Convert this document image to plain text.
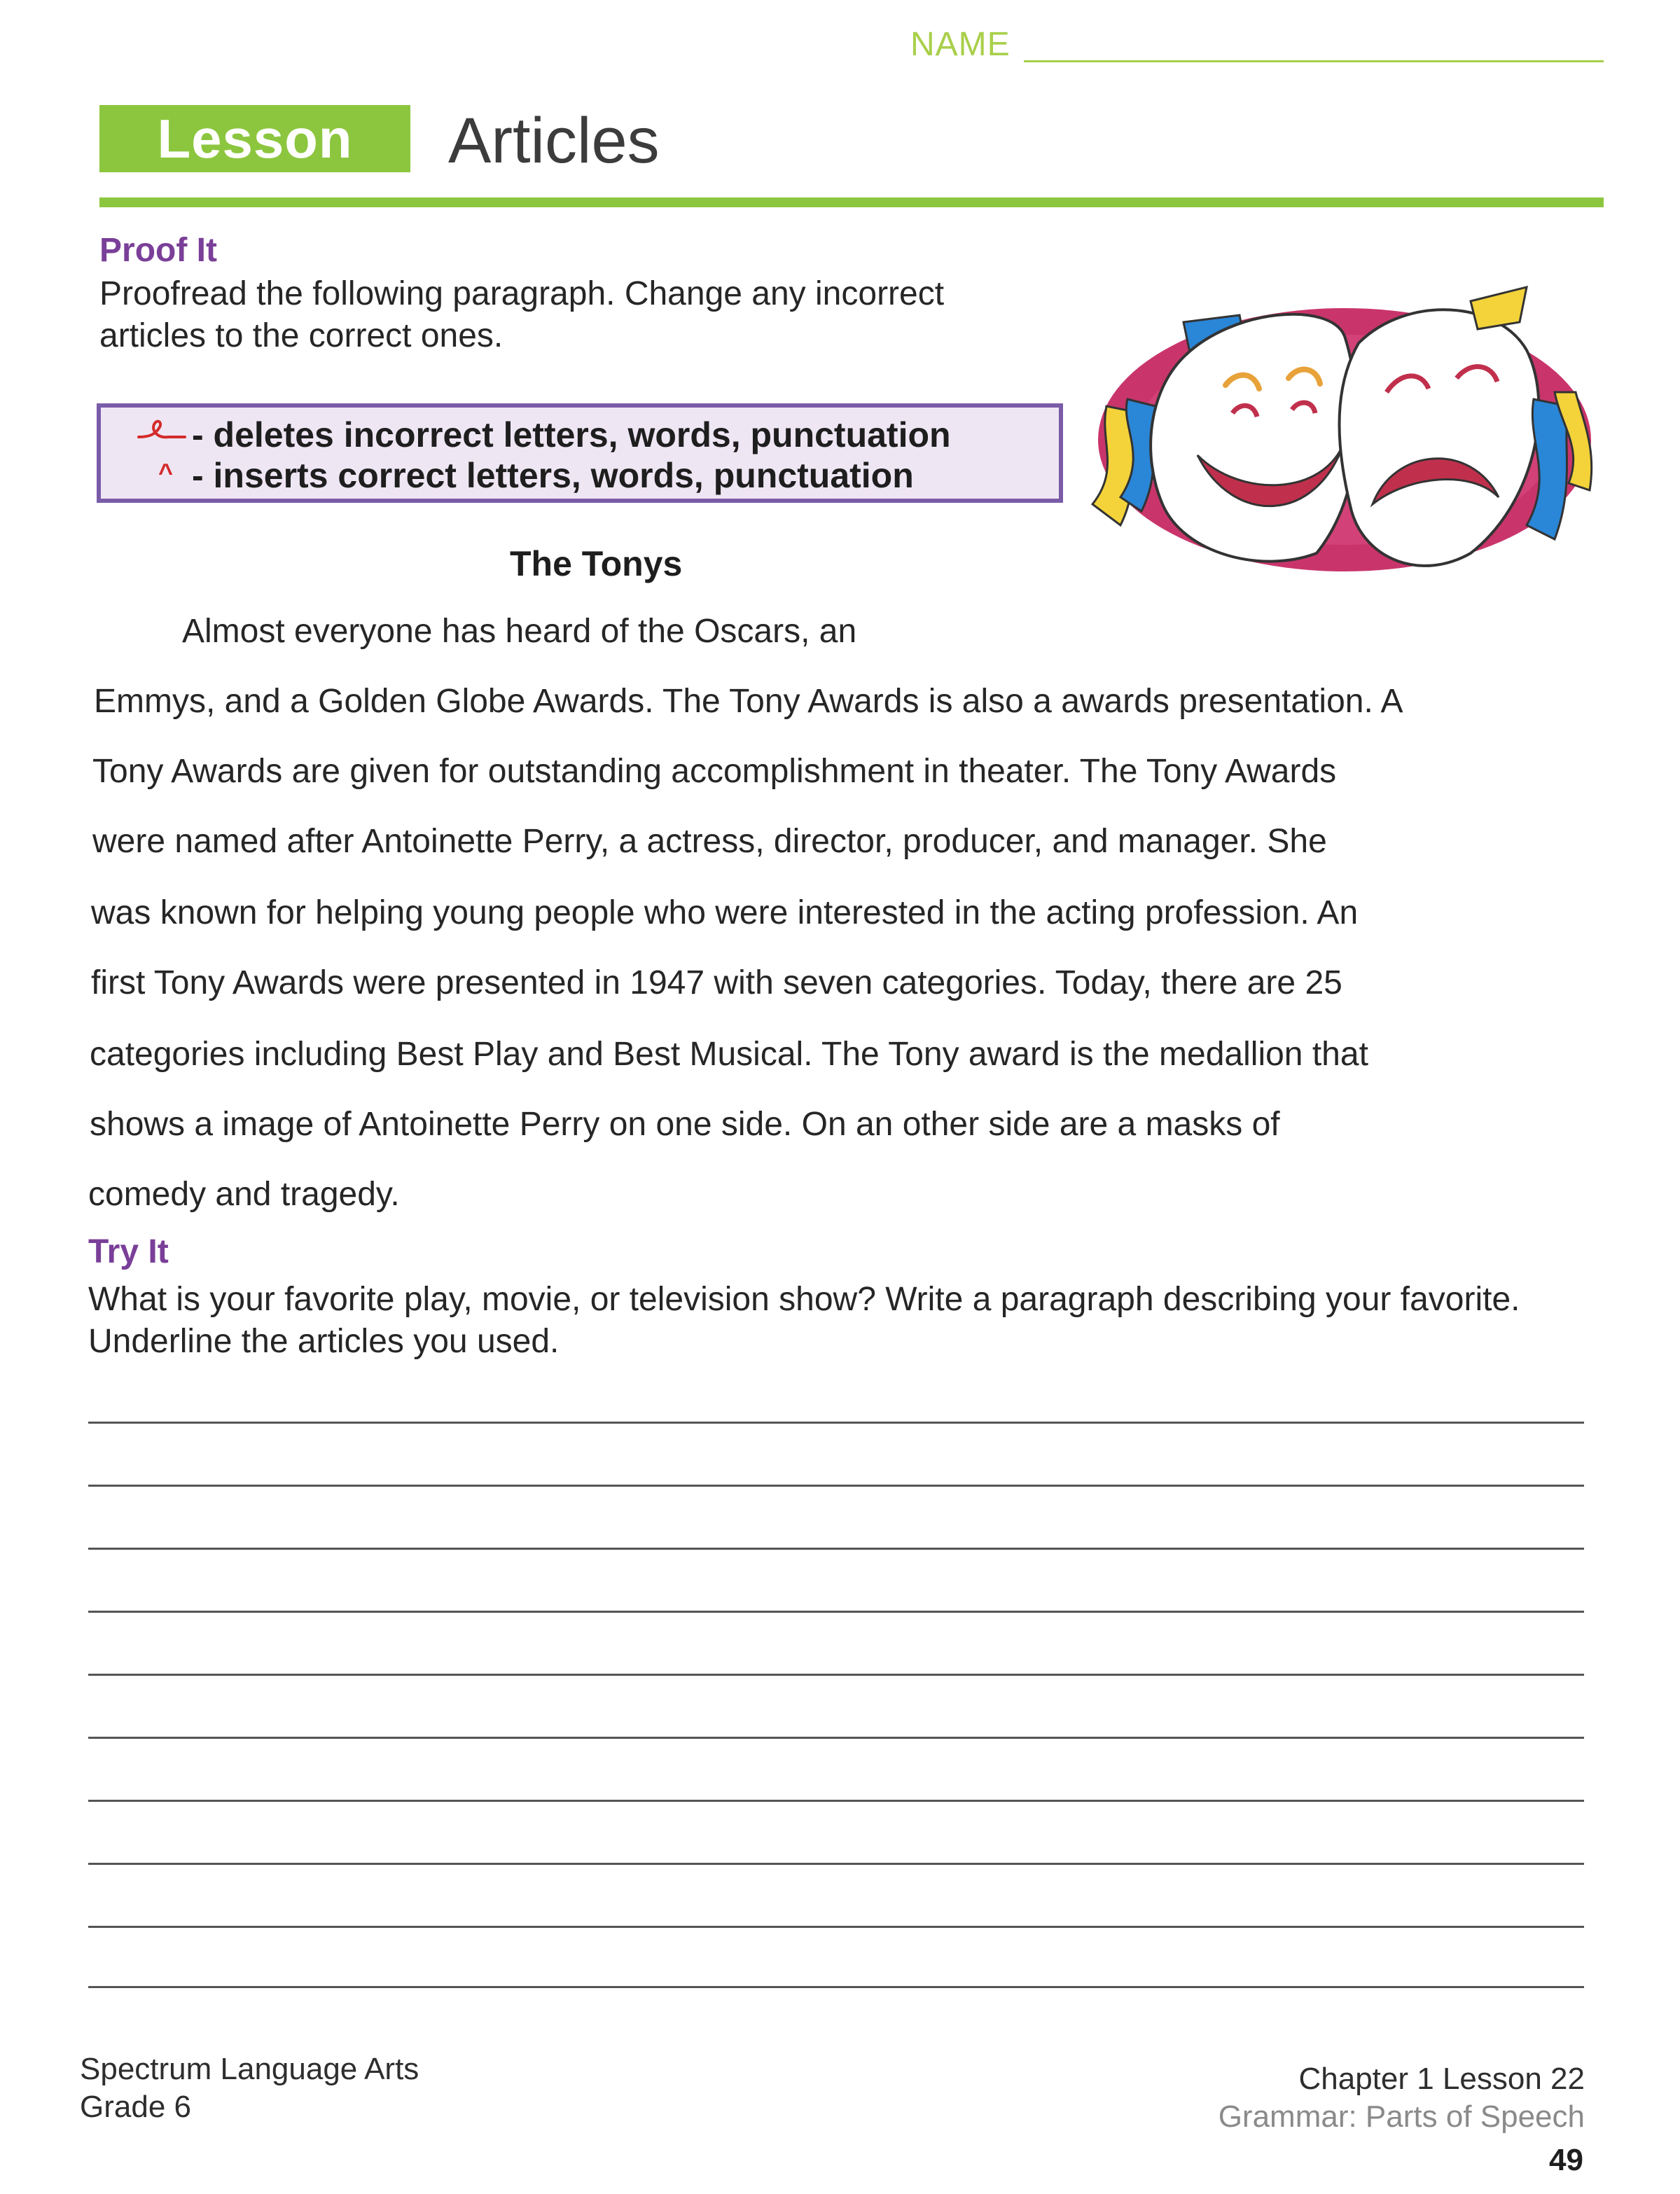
NAME
Lesson	Articles
Proof It
Proofread the following paragraph. Change any incorrect articles to the correct ones.
- deletes incorrect letters, words, punctuation
^ - inserts correct letters, words, punctuation
The Tonys
Almost everyone has heard of the Oscars, an
Emmys, and a Golden Globe Awards. The Tony Awards is also a awards presentation. A
Tony Awards are given for outstanding accomplishment in theater. The Tony Awards
were named after Antoinette Perry, a actress, director, producer, and manager. She
was known for helping young people who were interested in the acting profession. An
first Tony Awards were presented in 1947 with seven categories. Today, there are 25
categories including Best Play and Best Musical. The Tony award is the medallion that
shows a image of Antoinette Perry on one side. On an other side are a masks of
comedy and tragedy.
Try It
What is your favorite play, movie, or television show? Write a paragraph describing your favorite. Underline the articles you used.
Spectrum Language Arts
Grade 6
Chapter 1 Lesson 22
Grammar: Parts of Speech
49
